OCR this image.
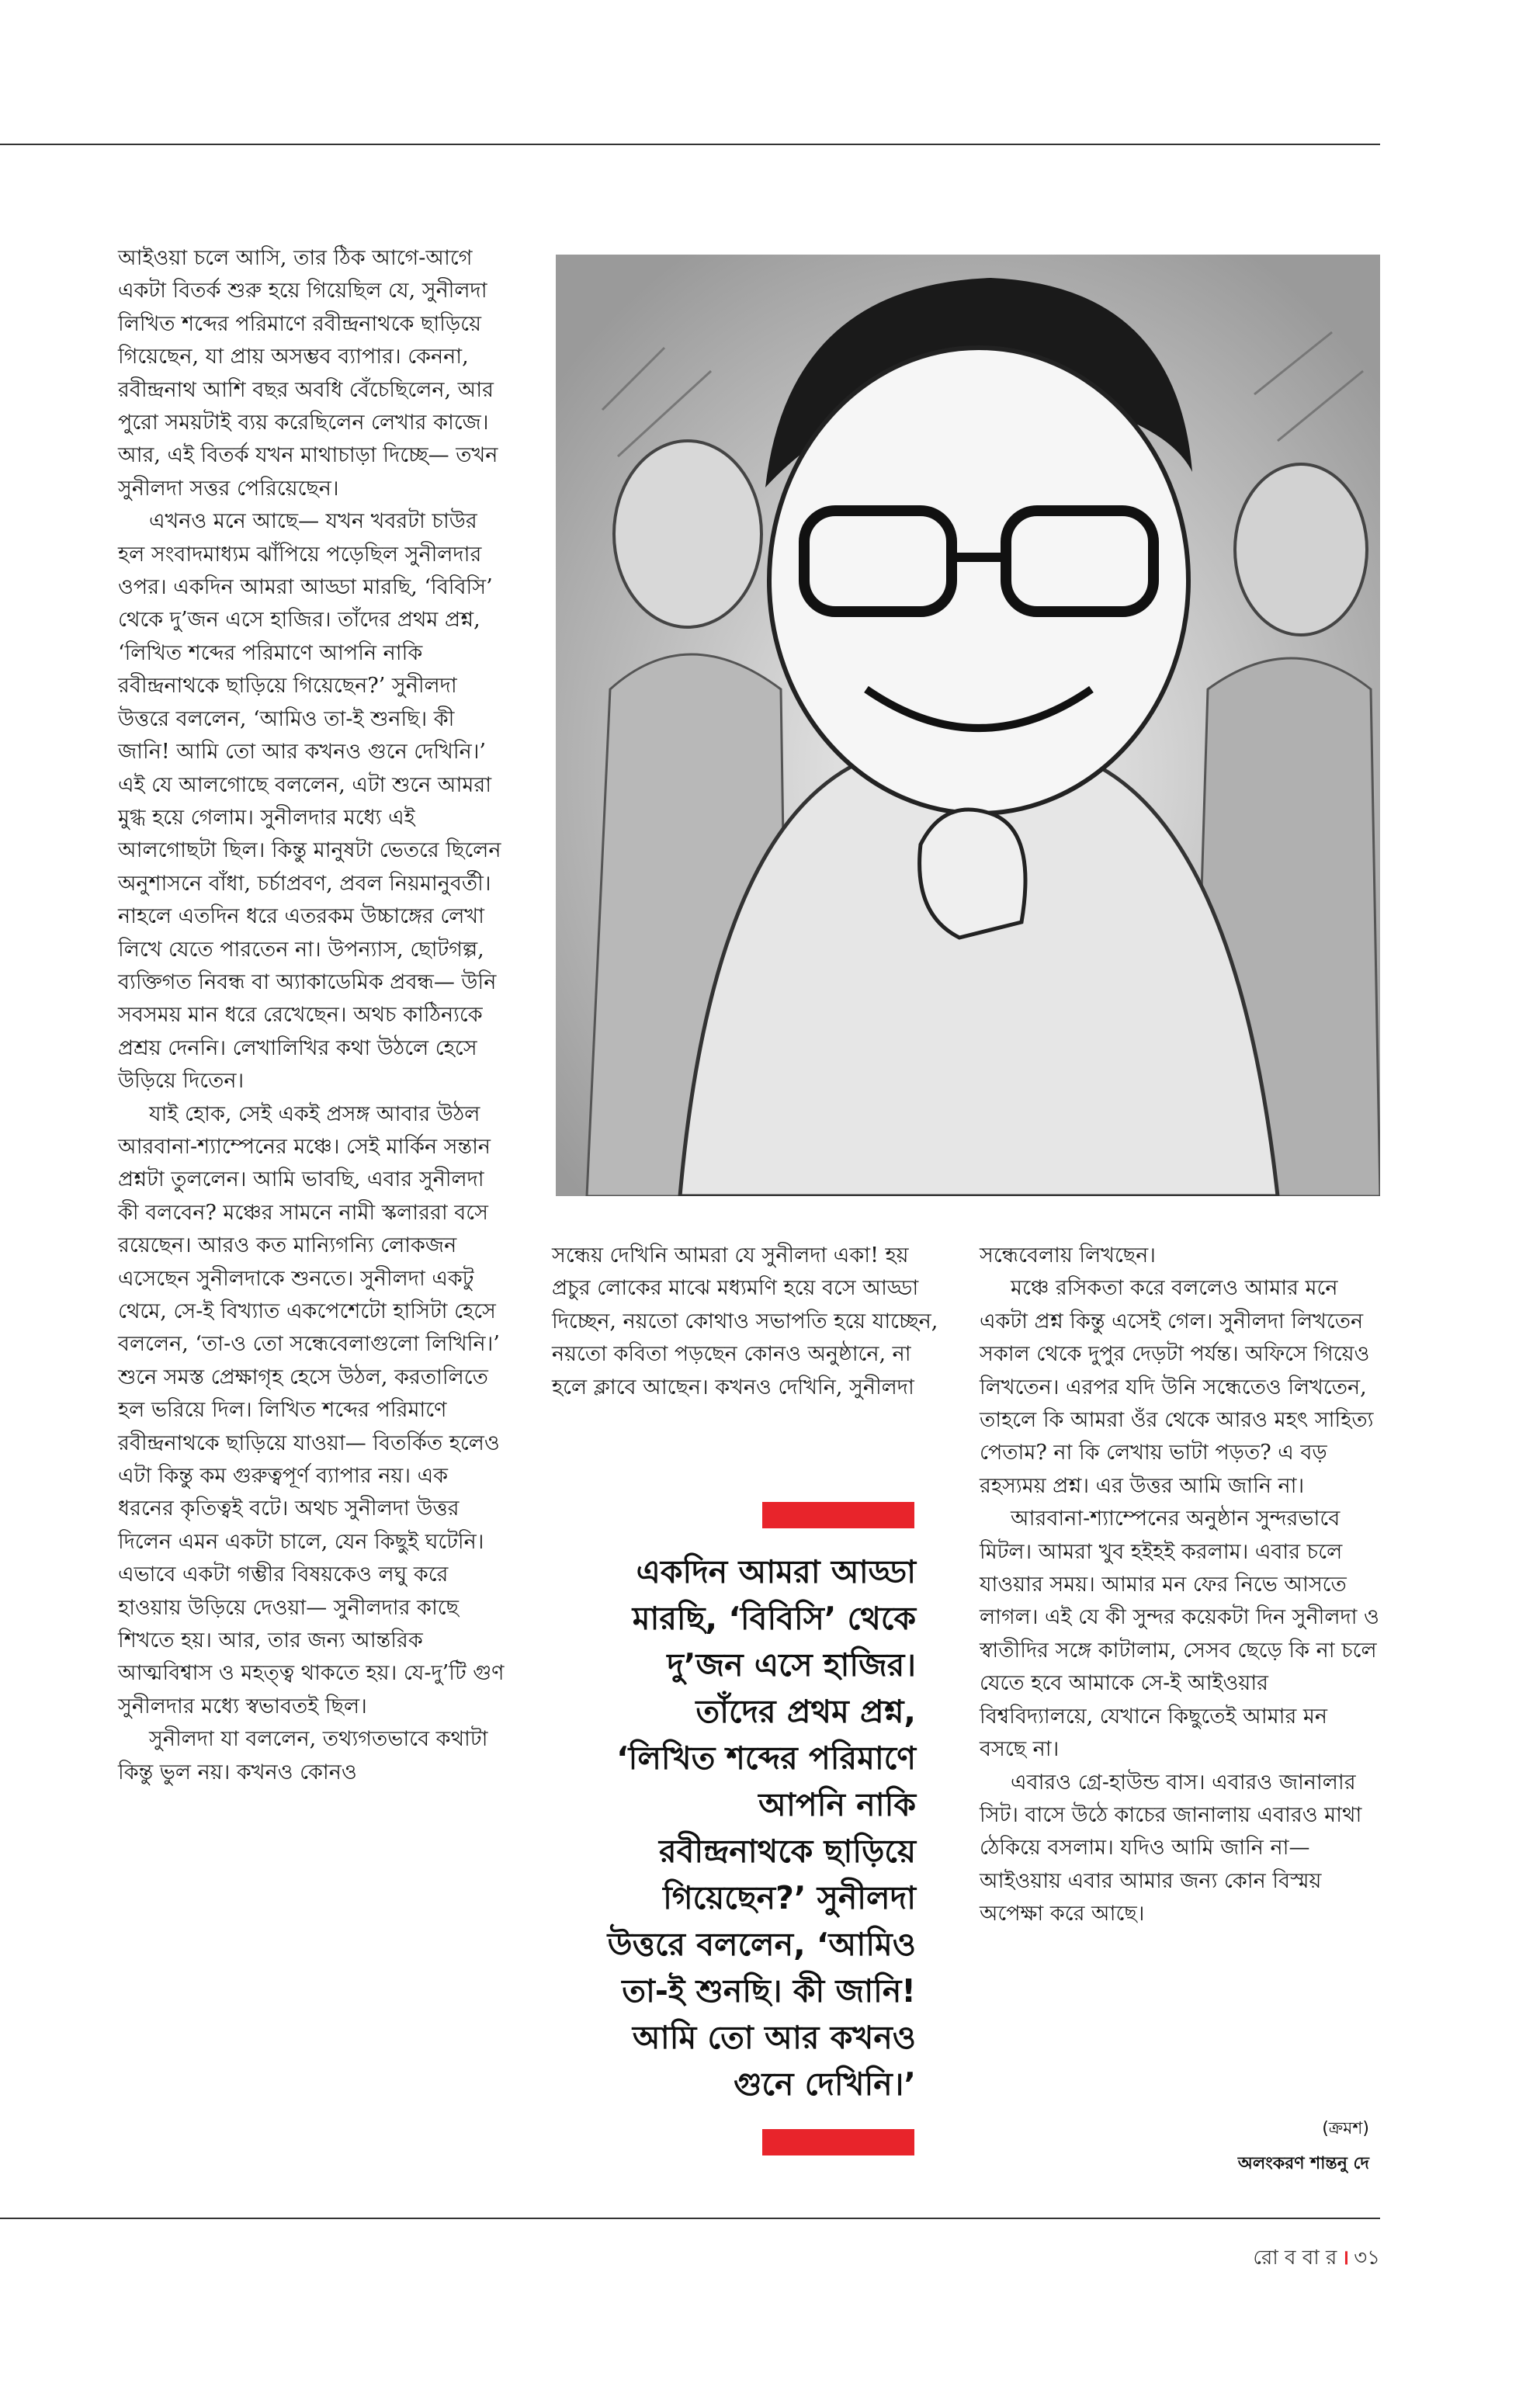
আইওয়া চলে আসি, তার ঠিক আগে-আগে একটা বিতর্ক শুরু হয়ে গিয়েছিল যে, সুনীলদা লিখিত শব্দের পরিমাণে রবীন্দ্রনাথকে ছাড়িয়ে গিয়েছেন, যা প্রায় অসম্ভব ব্যাপার। কেননা, রবীন্দ্রনাথ আশি বছর অবধি বেঁচেছিলেন, আর পুরো সময়টাই ব্যয় করেছিলেন লেখার কাজে। আর, এই বিতর্ক যখন মাথাচাড়া দিচ্ছে— তখন সুনীলদা সত্তর পেরিয়েছেন।

এখনও মনে আছে— যখন খবরটা চাউর হল সংবাদমাধ্যম ঝাঁপিয়ে পড়েছিল সুনীলদার ওপর। একদিন আমরা আড্ডা মারছি, ‘বিবিসি’ থেকে দু’জন এসে হাজির। তাঁদের প্রথম প্রশ্ন, ‘লিখিত শব্দের পরিমাণে আপনি নাকি রবীন্দ্রনাথকে ছাড়িয়ে গিয়েছেন?’ সুনীলদা উত্তরে বললেন, ‘আমিও তা-ই শুনছি। কী জানি! আমি তো আর কখনও গুনে দেখিনি।’ এই যে আলগোছে বললেন, এটা শুনে আমরা মুগ্ধ হয়ে গেলাম। সুনীলদার মধ্যে এই আলগোছটা ছিল। কিন্তু মানুষটা ভেতরে ছিলেন অনুশাসনে বাঁধা, চর্চাপ্রবণ, প্রবল নিয়মানুবর্তী। নাহলে এতদিন ধরে এতরকম উচ্চাঙ্গের লেখা লিখে যেতে পারতেন না। উপন্যাস, ছোটগল্প, ব্যক্তিগত নিবন্ধ বা অ্যাকাডেমিক প্রবন্ধ— উনি সবসময় মান ধরে রেখেছেন। অথচ কাঠিন্যকে প্রশ্রয় দেননি। লেখালিখির কথা উঠলে হেসে উড়িয়ে দিতেন।

যাই হোক, সেই একই প্রসঙ্গ আবার উঠল আরবানা-শ্যাম্পেনের মঞ্চে। সেই মার্কিন সন্তান প্রশ্নটা তুললেন। আমি ভাবছি, এবার সুনীলদা কী বলবেন? মঞ্চের সামনে নামী স্কলাররা বসে রয়েছেন। আরও কত মান্যিগন্যি লোকজন এসেছেন সুনীলদাকে শুনতে। সুনীলদা একটু থেমে, সে-ই বিখ্যাত একপেশেটো হাসিটা হেসে বললেন, ‘তা-ও তো সন্ধেবেলাগুলো লিখিনি।’ শুনে সমস্ত প্রেক্ষাগৃহ হেসে উঠল, করতালিতে হল ভরিয়ে দিল। লিখিত শব্দের পরিমাণে রবীন্দ্রনাথকে ছাড়িয়ে যাওয়া— বিতর্কিত হলেও এটা কিন্তু কম গুরুত্বপূর্ণ ব্যাপার নয়। এক ধরনের কৃতিত্বই বটে। অথচ সুনীলদা উত্তর দিলেন এমন একটা চালে, যেন কিছুই ঘটেনি। এভাবে একটা গম্ভীর বিষয়কেও লঘু করে হাওয়ায় উড়িয়ে দেওয়া— সুনীলদার কাছে শিখতে হয়। আর, তার জন্য আন্তরিক আত্মবিশ্বাস ও মহত্ত্ব থাকতে হয়। যে-দু’টি গুণ সুনীলদার মধ্যে স্বভাবতই ছিল।

সুনীলদা যা বললেন, তথ্যগতভাবে কথাটা কিন্তু ভুল নয়। কখনও কোনও

সন্ধেয় দেখিনি আমরা যে সুনীলদা একা! হয় প্রচুর লোকের মাঝে মধ্যমণি হয়ে বসে আড্ডা দিচ্ছেন, নয়তো কোথাও সভাপতি হয়ে যাচ্ছেন, নয়তো কবিতা পড়ছেন কোনও অনুষ্ঠানে, না হলে ক্লাবে আছেন। কখনও দেখিনি, সুনীলদা

একদিন আমরা আড্ডা
মারছি, ‘বিবিসি’ থেকে
দু’জন এসে হাজির।
তাঁদের প্রথম প্রশ্ন,
‘লিখিত শব্দের পরিমাণে
আপনি নাকি
রবীন্দ্রনাথকে ছাড়িয়ে
গিয়েছেন?’ সুনীলদা
উত্তরে বললেন, ‘আমিও
তা-ই শুনছি। কী জানি!
আমি তো আর কখনও
গুনে দেখিনি।’

সন্ধেবেলায় লিখছেন।

মঞ্চে রসিকতা করে বললেও আমার মনে একটা প্রশ্ন কিন্তু এসেই গেল। সুনীলদা লিখতেন সকাল থেকে দুপুর দেড়টা পর্যন্ত। অফিসে গিয়েও লিখতেন। এরপর যদি উনি সন্ধেতেও লিখতেন, তাহলে কি আমরা ওঁর থেকে আরও মহৎ সাহিত্য পেতাম? না কি লেখায় ভাটা পড়ত? এ বড় রহস্যময় প্রশ্ন। এর উত্তর আমি জানি না।

আরবানা-শ্যাম্পেনের অনুষ্ঠান সুন্দরভাবে মিটল। আমরা খুব হইহই করলাম। এবার চলে যাওয়ার সময়। আমার মন ফের নিভে আসতে লাগল। এই যে কী সুন্দর কয়েকটা দিন সুনীলদা ও স্বাতীদির সঙ্গে কাটালাম, সেসব ছেড়ে কি না চলে যেতে হবে আমাকে সে-ই আইওয়ার বিশ্ববিদ্যালয়ে, যেখানে কিছুতেই আমার মন বসছে না।

এবারও গ্রে-হাউন্ড বাস। এবারও জানালার সিট। বাসে উঠে কাচের জানালায় এবারও মাথা ঠেকিয়ে বসলাম। যদিও আমি জানি না— আইওয়ায় এবার আমার জন্য কোন বিস্ময় অপেক্ষা করে আছে।

(ক্রমশ)
অলংকরণ শান্তনু দে
রো ব বা র । ৩১
